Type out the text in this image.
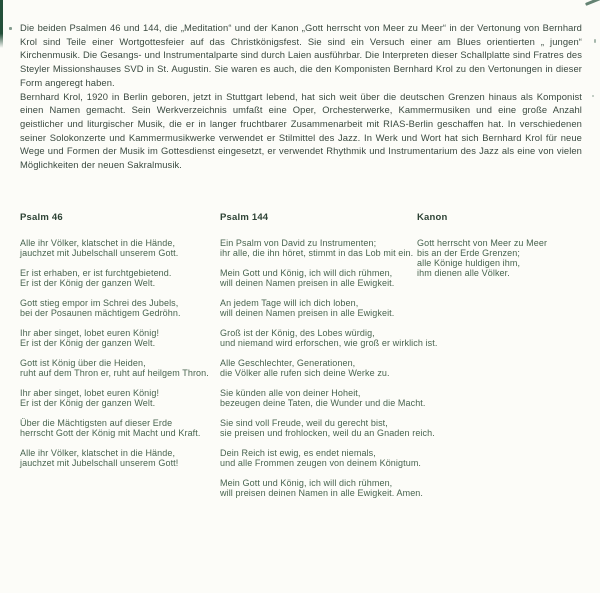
Die beiden Psalmen 46 und 144, die „Meditation“ und der Kanon „Gott herrscht von Meer zu Meer“ in der Vertonung von Bernhard Krol sind Teile einer Wortgottesfeier auf das Christkönigsfest. Sie sind ein Versuch einer am Blues orientierten „ jungen“ Kirchenmusik. Die Gesangs- und Instrumentalparte sind durch Laien ausführbar. Die Interpreten dieser Schallplatte sind Fratres des Steyler Missionshauses SVD in St. Augustin. Sie waren es auch, die den Komponisten Bernhard Krol zu den Vertonungen in dieser Form angeregt haben.

Bernhard Krol, 1920 in Berlin geboren, jetzt in Stuttgart lebend, hat sich weit über die deutschen Grenzen hinaus als Komponist einen Namen gemacht. Sein Werkverzeichnis umfaßt eine Oper, Orchesterwerke, Kammermusiken und eine große Anzahl geistlicher und liturgischer Musik, die er in langer fruchtbarer Zusammenarbeit mit RIAS-Berlin geschaffen hat. In verschiedenen seiner Solokonzerte und Kammermusikwerke verwendet er Stilmittel des Jazz. In Werk und Wort hat sich Bernhard Krol für neue Wege und Formen der Musik im Gottesdienst eingesetzt, er verwendet Rhythmik und Instrumentarium des Jazz als eine von vielen Möglichkeiten der neuen Sakralmusik.

Psalm 46
Alle ihr Völker, klatschet in die Hände,
jauchzet mit Jubelschall unserem Gott.
Er ist erhaben, er ist furchtgebietend.
Er ist der König der ganzen Welt.
Gott stieg empor im Schrei des Jubels,
bei der Posaunen mächtigem Gedröhn.
Ihr aber singet, lobet euren König!
Er ist der König der ganzen Welt.
Gott ist König über die Heiden,
ruht auf dem Thron er, ruht auf heilgem Thron.
Ihr aber singet, lobet euren König!
Er ist der König der ganzen Welt.
Über die Mächtigsten auf dieser Erde
herrscht Gott der König mit Macht und Kraft.
Alle ihr Völker, klatschet in die Hände,
jauchzet mit Jubelschall unserem Gott!
Psalm 144
Ein Psalm von David zu Instrumenten;
ihr alle, die ihn höret, stimmt in das Lob mit ein.
Mein Gott und König, ich will dich rühmen,
will deinen Namen preisen in alle Ewigkeit.
An jedem Tage will ich dich loben,
will deinen Namen preisen in alle Ewigkeit.
Groß ist der König, des Lobes würdig,
und niemand wird erforschen, wie groß er wirklich ist.
Alle Geschlechter, Generationen,
die Völker alle rufen sich deine Werke zu.
Sie künden alle von deiner Hoheit,
bezeugen deine Taten, die Wunder und die Macht.
Sie sind voll Freude, weil du gerecht bist,
sie preisen und frohlocken, weil du an Gnaden reich.
Dein Reich ist ewig, es endet niemals,
und alle Frommen zeugen von deinem Königtum.
Mein Gott und König, ich will dich rühmen,
will preisen deinen Namen in alle Ewigkeit. Amen.
Kanon
Gott herrscht von Meer zu Meer
bis an der Erde Grenzen;
alle Könige huldigen ihm,
ihm dienen alle Völker.
